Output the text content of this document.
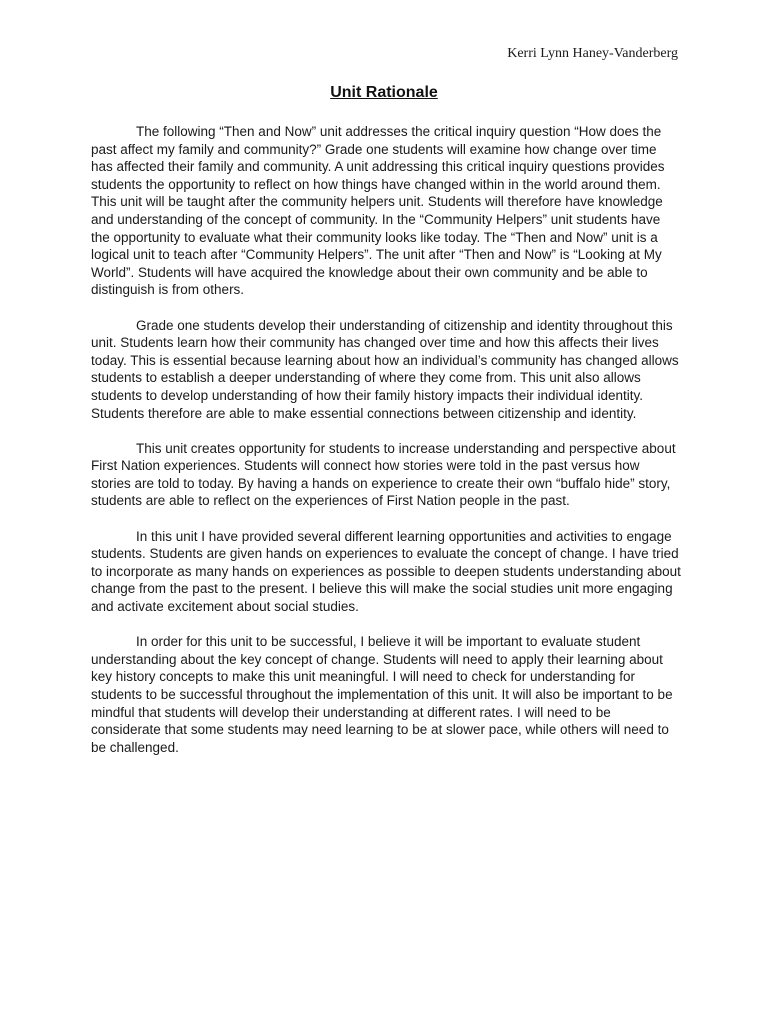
Kerri Lynn Haney-Vanderberg
Unit Rationale

The following “Then and Now” unit addresses the critical inquiry question “How does the past affect my family and community?” Grade one students will examine how change over time has affected their family and community. A unit addressing this critical inquiry questions provides students the opportunity to reflect on how things have changed within in the world around them. This unit will be taught after the community helpers unit. Students will therefore have knowledge and understanding of the concept of community. In the “Community Helpers” unit students have the opportunity to evaluate what their community looks like today. The “Then and Now” unit is a logical unit to teach after “Community Helpers”. The unit after “Then and Now” is “Looking at My World”. Students will have acquired the knowledge about their own community and be able to distinguish is from others.

Grade one students develop their understanding of citizenship and identity throughout this unit. Students learn how their community has changed over time and how this affects their lives today. This is essential because learning about how an individual’s community has changed allows students to establish a deeper understanding of where they come from. This unit also allows students to develop understanding of how their family history impacts their individual identity. Students therefore are able to make essential connections between citizenship and identity.

This unit creates opportunity for students to increase understanding and perspective about First Nation experiences. Students will connect how stories were told in the past versus how stories are told to today. By having a hands on experience to create their own “buffalo hide” story, students are able to reflect on the experiences of First Nation people in the past.

In this unit I have provided several different learning opportunities and activities to engage students. Students are given hands on experiences to evaluate the concept of change. I have tried to incorporate as many hands on experiences as possible to deepen students understanding about change from the past to the present. I believe this will make the social studies unit more engaging and activate excitement about social studies.

In order for this unit to be successful, I believe it will be important to evaluate student understanding about the key concept of change. Students will need to apply their learning about key history concepts to make this unit meaningful. I will need to check for understanding for students to be successful throughout the implementation of this unit. It will also be important to be mindful that students will develop their understanding at different rates. I will need to be considerate that some students may need learning to be at slower pace, while others will need to be challenged.
